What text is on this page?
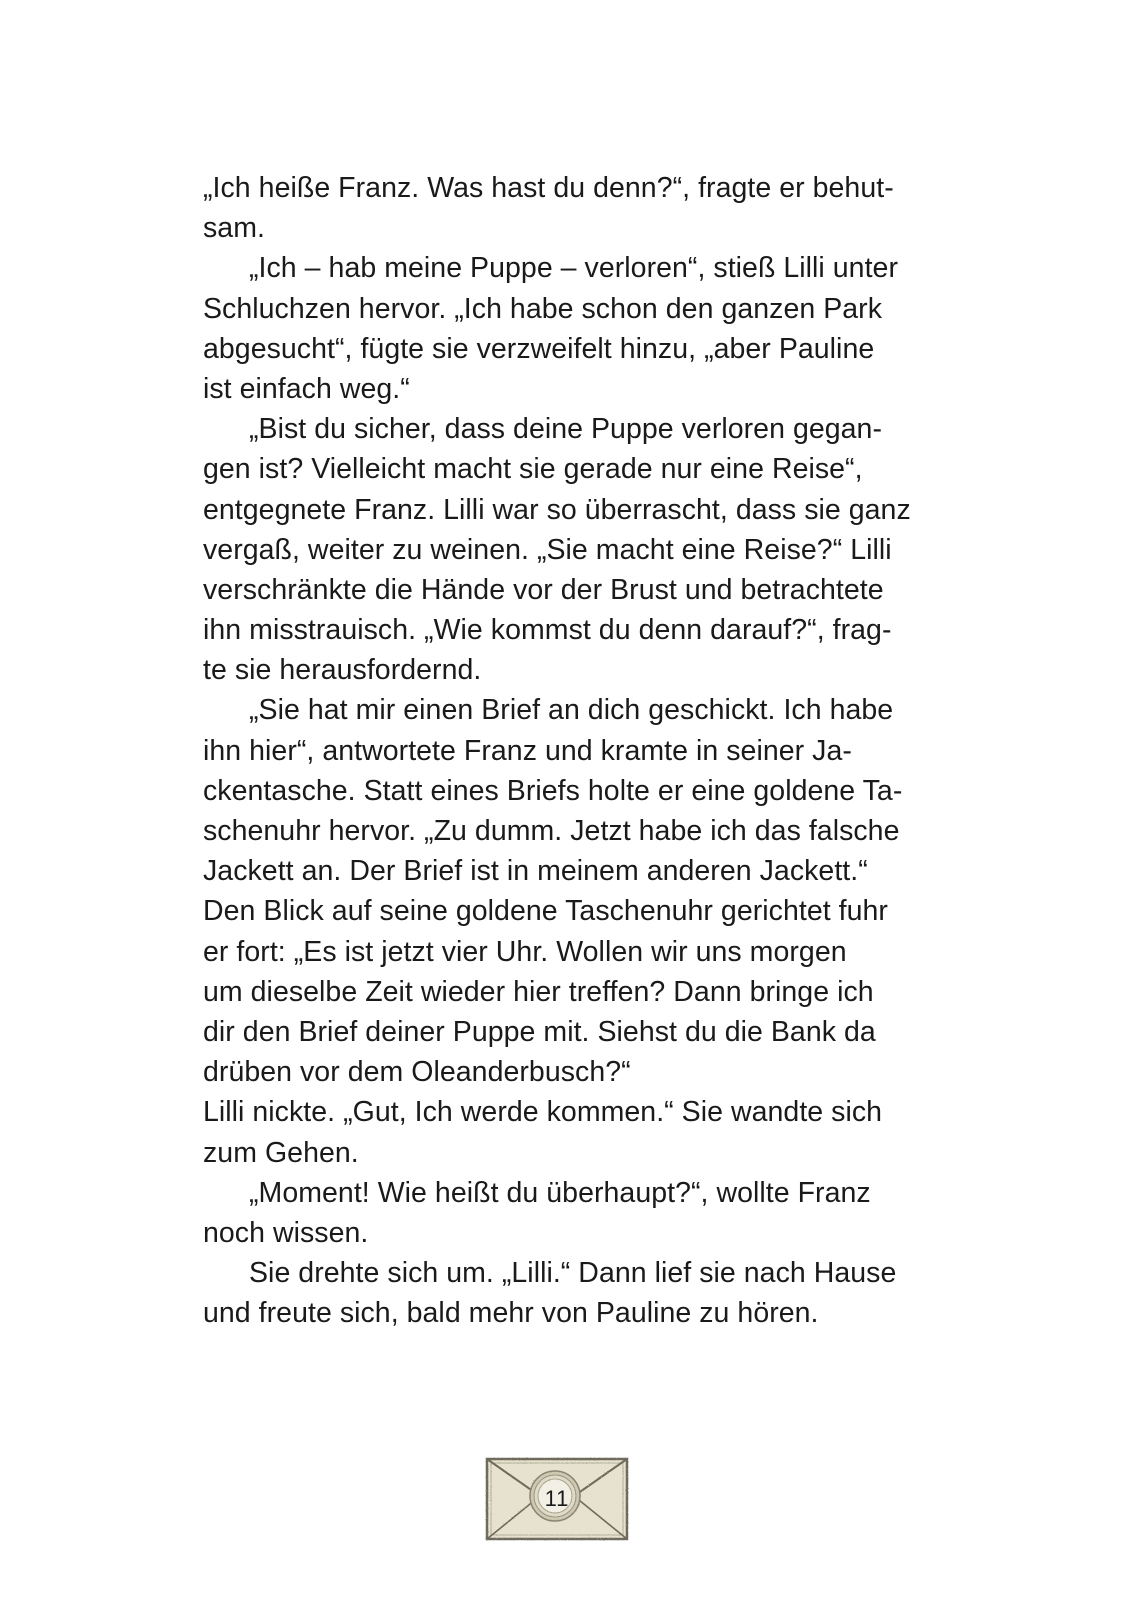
„Ich heiße Franz. Was hast du denn?“, fragte er behut-
sam.
„Ich – hab meine Puppe – verloren“, stieß Lilli unter
Schluchzen hervor. „Ich habe schon den ganzen Park
abgesucht“, fügte sie verzweifelt hinzu, „aber Pauline
ist einfach weg.“
„Bist du sicher, dass deine Puppe verloren gegan-
gen ist? Vielleicht macht sie gerade nur eine Reise“,
entgegnete Franz. Lilli war so überrascht, dass sie ganz
vergaß, weiter zu weinen. „Sie macht eine Reise?“ Lilli
verschränkte die Hände vor der Brust und betrachtete
ihn misstrauisch. „Wie kommst du denn darauf?“, frag-
te sie herausfordernd.
„Sie hat mir einen Brief an dich geschickt. Ich habe
ihn hier“, antwortete Franz und kramte in seiner Ja-
ckentasche. Statt eines Briefs holte er eine goldene Ta-
schenuhr hervor. „Zu dumm. Jetzt habe ich das falsche
Jackett an. Der Brief ist in meinem anderen Jackett.“
Den Blick auf seine goldene Taschenuhr gerichtet fuhr
er fort: „Es ist jetzt vier Uhr. Wollen wir uns morgen
um dieselbe Zeit wieder hier treffen? Dann bringe ich
dir den Brief deiner Puppe mit. Siehst du die Bank da
drüben vor dem Oleanderbusch?“
Lilli nickte. „Gut, Ich werde kommen.“ Sie wandte sich
zum Gehen.
„Moment! Wie heißt du überhaupt?“, wollte Franz
noch wissen.
Sie drehte sich um. „Lilli.“ Dann lief sie nach Hause
und freute sich, bald mehr von Pauline zu hören.
11
